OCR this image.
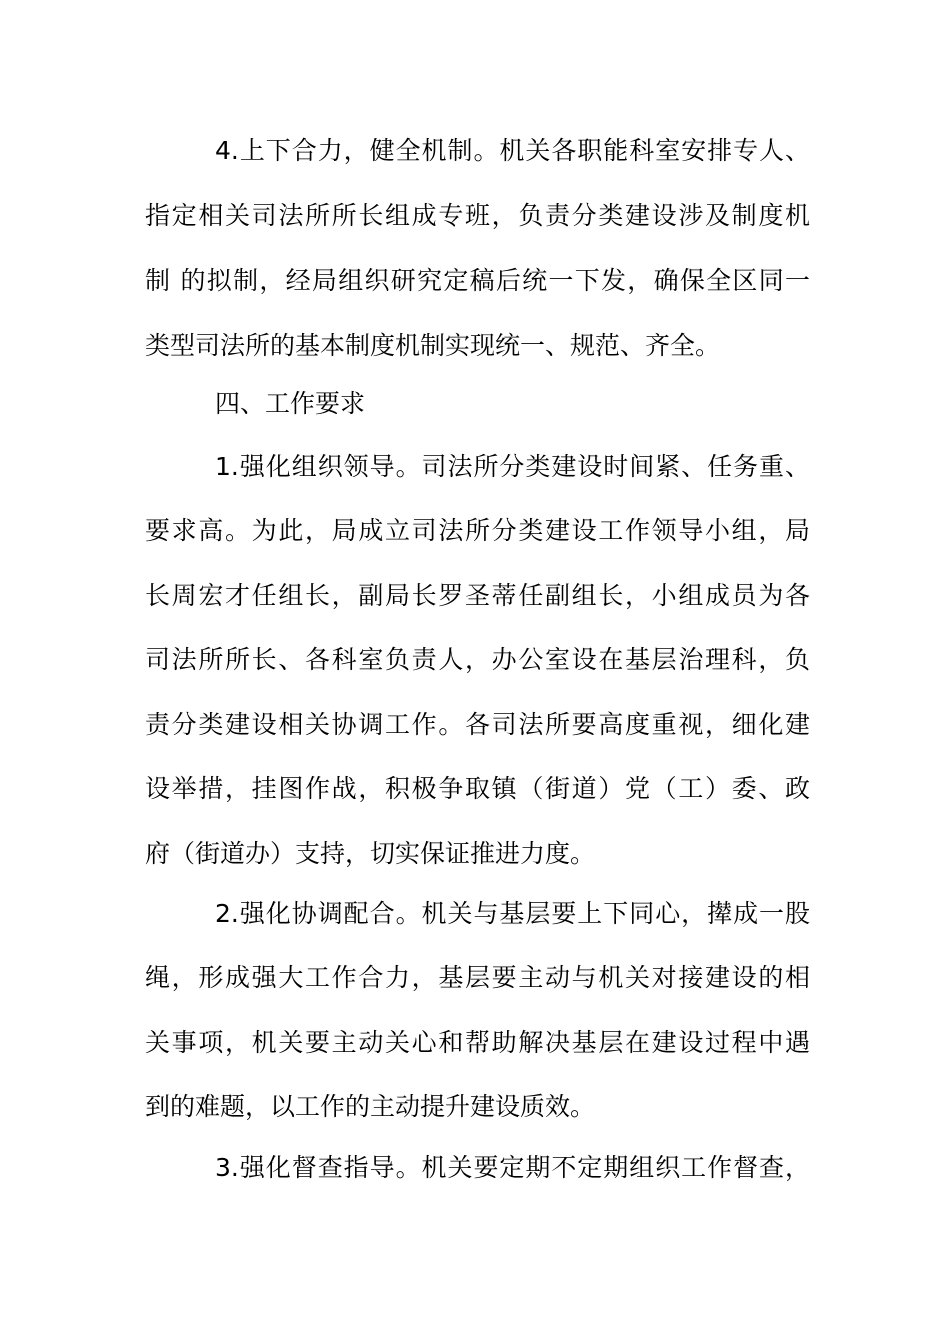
4.上下合力，健全机制。机关各职能科室安排专人、
指定相关司法所所长组成专班，负责分类建设涉及制度机
制 的拟制，经局组织研究定稿后统一下发，确保全区同一
类型司法所的基本制度机制实现统一、规范、齐全。
四、工作要求
1.强化组织领导。司法所分类建设时间紧、任务重、
要求高。为此，局成立司法所分类建设工作领导小组，局
长周宏才任组长，副局长罗圣蒂任副组长，小组成员为各
司法所所长、各科室负责人，办公室设在基层治理科，负
责分类建设相关协调工作。各司法所要高度重视，细化建
设举措，挂图作战，积极争取镇（街道）党（工）委、政
府（街道办）支持，切实保证推进力度。
2.强化协调配合。机关与基层要上下同心，撵成一股
绳，形成强大工作合力，基层要主动与机关对接建设的相
关事项，机关要主动关心和帮助解决基层在建设过程中遇
到的难题，以工作的主动提升建设质效。
3.强化督查指导。机关要定期不定期组织工作督查，
